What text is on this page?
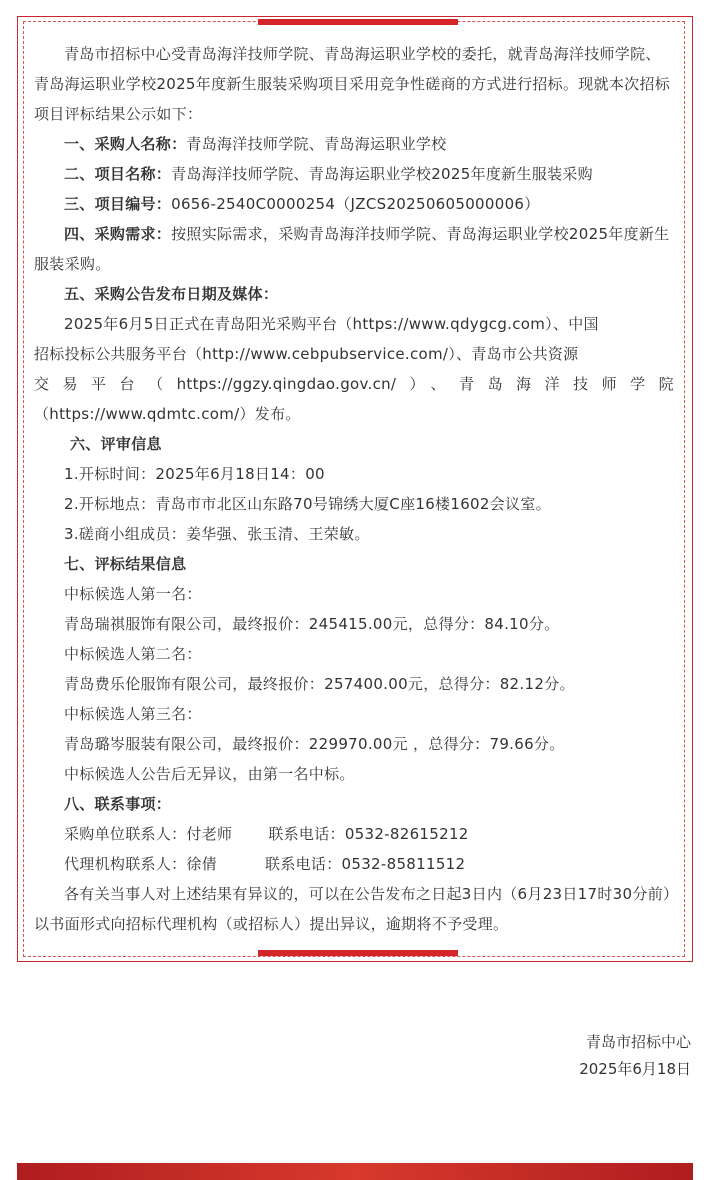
青岛市招标中心受青岛海洋技师学院、青岛海运职业学校的委托，就青岛海洋技师学院、青岛海运职业学校2025年度新生服装采购项目采用竞争性磋商的方式进行招标。现就本次招标项目评标结果公示如下：

一、采购人名称：青岛海洋技师学院、青岛海运职业学校

二、项目名称：青岛海洋技师学院、青岛海运职业学校2025年度新生服装采购

三、项目编号：0656-2540C0000254（JZCS20250605000006）

四、采购需求：按照实际需求，采购青岛海洋技师学院、青岛海运职业学校2025年度新生服装采购。

五、采购公告发布日期及媒体：

2025年6月5日正式在青岛阳光采购平台（https://www.qdygcg.com）、中国

招标投标公共服务平台（http://www.cebpubservice.com/）、青岛市公共资源

交易平台（https://ggzy.qingdao.gov.cn/）、青岛海洋技师学院

（https://www.qdmtc.com/）发布。

六、评审信息

1.开标时间：2025年6月18日14：00

2.开标地点：青岛市市北区山东路70号锦绣大厦C座16楼1602会议室。

3.磋商小组成员：姜华强、张玉清、王荣敏。

七、评标结果信息

中标候选人第一名：

青岛瑞祺服饰有限公司，最终报价：245415.00元，总得分：84.10分。

中标候选人第二名：

青岛费乐伦服饰有限公司，最终报价：257400.00元，总得分：82.12分。

中标候选人第三名：

青岛璐岑服装有限公司，最终报价：229970.00元 ，总得分：79.66分。

中标候选人公告后无异议，由第一名中标。

八、联系事项：

采购单位联系人：付老师 联系电话：0532-82615212

代理机构联系人：徐倩	联系电话：0532-85811512

各有关当事人对上述结果有异议的，可以在公告发布之日起3日内（6月23日17时30分前）以书面形式向招标代理机构（或招标人）提出异议，逾期将不予受理。

青岛市招标中心
2025年6月18日
